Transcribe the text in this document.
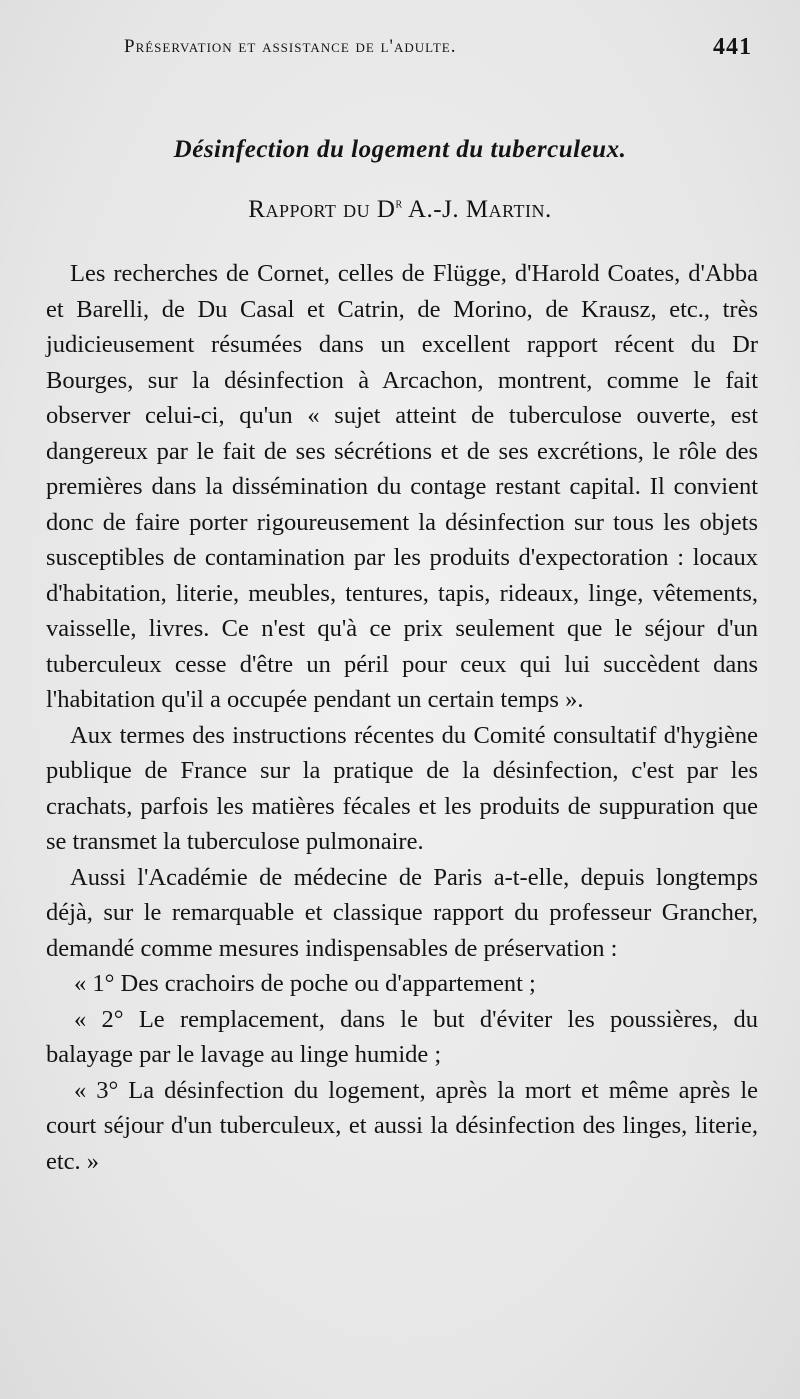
Préservation et assistance de l'adulte.	441
Désinfection du logement du tuberculeux.
Rapport du $D^r$ A.-J. Martin.

Les recherches de Cornet, celles de Flügge, d'Harold Coates, d'Abba et Barelli, de Du Casal et Catrin, de Morino, de Krausz, etc., très judicieusement résumées dans un excellent rapport récent du Dr Bourges, sur la désinfection à Arcachon, montrent, comme le fait observer celui-ci, qu'un « sujet atteint de tuberculose ouverte, est dangereux par le fait de ses sécrétions et de ses excrétions, le rôle des premières dans la dissémination du contage restant capital. Il convient donc de faire porter rigoureusement la désinfection sur tous les objets susceptibles de contamination par les produits d'expectoration : locaux d'habitation, literie, meubles, tentures, tapis, rideaux, linge, vêtements, vaisselle, livres. Ce n'est qu'à ce prix seulement que le séjour d'un tuberculeux cesse d'être un péril pour ceux qui lui succèdent dans l'habitation qu'il a occupée pendant un certain temps ».

Aux termes des instructions récentes du Comité consultatif d'hygiène publique de France sur la pratique de la désinfection, c'est par les crachats, parfois les matières fécales et les produits de suppuration que se transmet la tuberculose pulmonaire.

Aussi l'Académie de médecine de Paris a-t-elle, depuis longtemps déjà, sur le remarquable et classique rapport du professeur Grancher, demandé comme mesures indispensables de préservation :

« 1° Des crachoirs de poche ou d'appartement ;

« 2° Le remplacement, dans le but d'éviter les poussières, du balayage par le lavage au linge humide ;

« 3° La désinfection du logement, après la mort et même après le court séjour d'un tuberculeux, et aussi la désinfection des linges, literie, etc. »
